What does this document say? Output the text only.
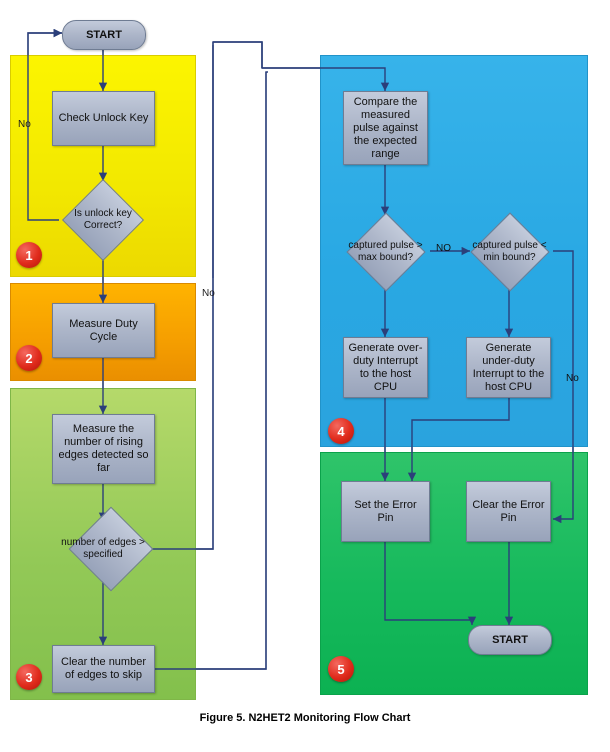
1
2
3
4
5
START
Check Unlock Key
Is unlock key Correct?
Measure Duty Cycle
Measure the number of rising edges detected so far
number of edges > specified
Clear the number of edges to skip
Compare the measured pulse against the expected range
captured pulse > max bound?
captured pulse < min bound?
Generate over-duty Interrupt to the host CPU
Generate under-duty Interrupt to the host CPU
Set the Error Pin
Clear the Error Pin
START
No
No
NO
No
Figure 5. N2HET2 Monitoring Flow Chart
